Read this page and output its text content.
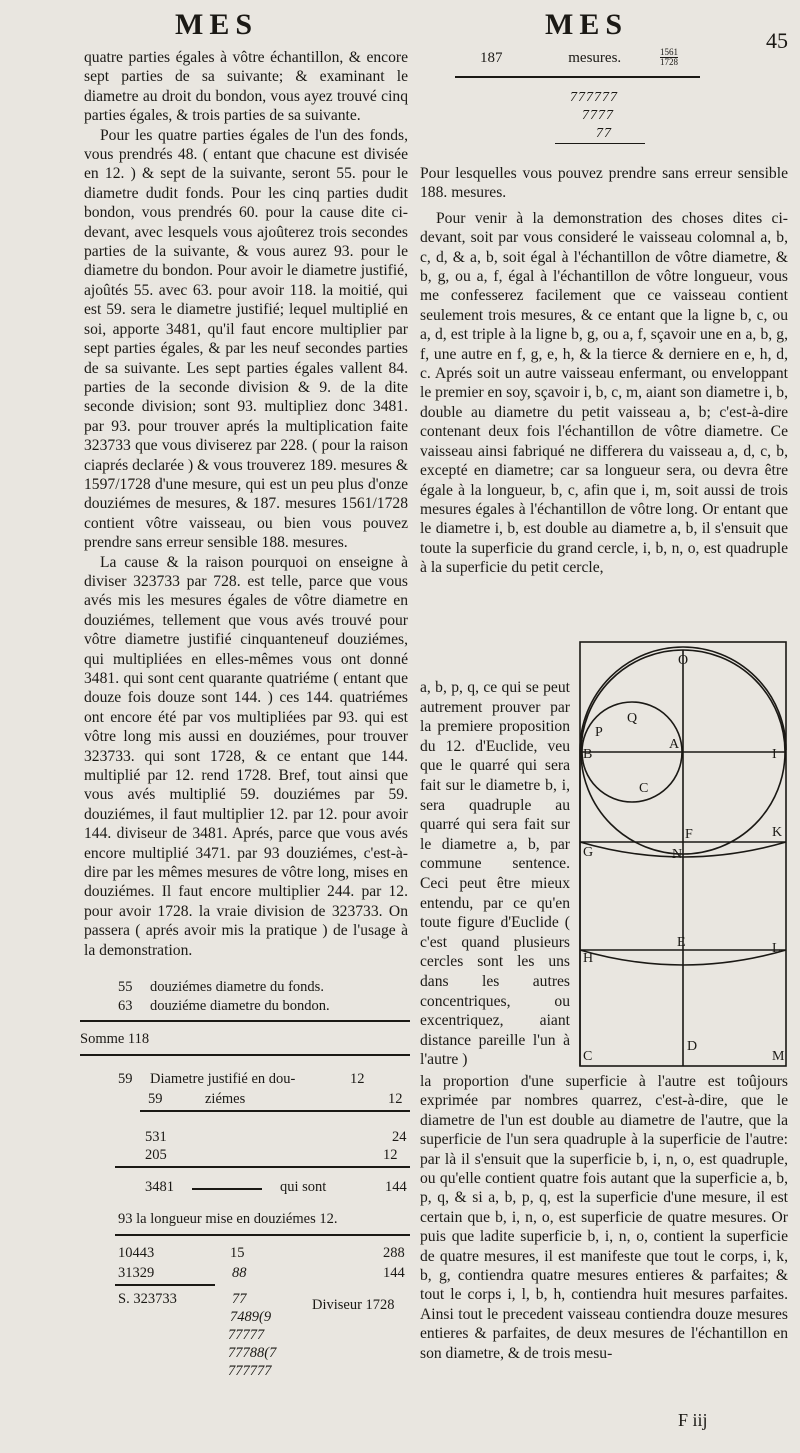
MES	MES	45
187	mesures.	$\frac{1561}{1728}$

quatre parties égales à vôtre échantillon, & encore sept parties de sa suivante; & examinant le diametre au droit du bondon, vous ayez trouvé cinq parties égales, & trois parties de sa suivante.

Pour les quatre parties égales de l'un des fonds, vous prendrés 48. ( entant que chacune est divisée en 12. ) & sept de la suivante, seront 55. pour le diametre dudit fonds. Pour les cinq parties dudit bondon, vous prendrés 60. pour la cause dite ci-devant, avec lesquels vous ajoûterez trois secondes parties de la suivante, & vous aurez 93. pour le diametre du bondon. Pour avoir le diametre justifié, ajoûtés 55. avec 63. pour avoir 118. la moitié, qui est 59. sera le diametre justifié; lequel multiplié en soi, apporte 3481, qu'il faut encore multiplier par sept parties égales, & par les neuf secondes parties de sa suivante. Les sept parties égales vallent 84. parties de la seconde division & 9. de la dite seconde division; sont 93. multipliez donc 3481. par 93. pour trouver aprés la multiplication faite 323733 que vous diviserez par 228. ( pour la raison ciaprés declarée ) & vous trouverez 189. mesures & 1597/1728 d'une mesure, qui est un peu plus d'onze douziémes de mesures, & 187. mesures 1561/1728 contient vôtre vaisseau, ou bien vous pouvez prendre sans erreur sensible 188. mesures.

La cause & la raison pourquoi on enseigne à diviser 323733 par 728. est telle, parce que vous avés mis les mesures égales de vôtre diametre en douziémes, tellement que vous avés trouvé pour vôtre diametre justifié cinquanteneuf douziémes, qui multipliées en elles-mêmes vous ont donné 3481. qui sont cent quarante quatriéme ( entant que douze fois douze sont 144. ) ces 144. quatriémes ont encore été par vos multipliées par 93. qui est vôtre long mis aussi en douziémes, pour trouver 323733. qui sont 1728, & ce entant que 144. multiplié par 12. rend 1728. Bref, tout ainsi que vous avés multiplié 59. douziémes par 59. douziémes, il faut multiplier 12. par 12. pour avoir 144. diviseur de 3481. Aprés, parce que vous avés encore multiplié 3471. par 93 douziémes, c'est-à-dire par les mêmes mesures de vôtre long, mises en douziémes. Il faut encore multiplier 244. par 12. pour avoir 1728. la vraie division de 323733. On passera ( aprés avoir mis la pratique ) de l'usage à la demonstration.

55 douziémes diametre du fonds.
63 douziéme diametre du bondon.
Somme 118
59 Diametre justifié en dou-	12
59	ziémes	12
531	24
205	12
3481	qui sont	144
93 la longueur mise en douziémes 12.
10443	15	288
31329	88	144
S. 323733	77	Diviseur 1728
7489(9
77777
77788(7
777777
777777
7777
77

Pour lesquelles vous pouvez prendre sans erreur sensible 188. mesures.

Pour venir à la demonstration des choses dites ci-devant, soit par vous consideré le vaisseau colomnal a, b, c, d, & a, b, soit égal à l'échantillon de vôtre diametre, & b, g, ou a, f, égal à l'échantillon de vôtre longueur, vous me confesserez facilement que ce vaisseau contient seulement trois mesures, & ce entant que la ligne b, c, ou a, d, est triple à la ligne b, g, ou a, f, sçavoir une en a, b, g, f, une autre en f, g, e, h, & la tierce & derniere en e, h, d, c. Aprés soit un autre vaisseau enfermant, ou enveloppant le premier en soy, sçavoir i, b, c, m, aiant son diametre i, b, double au diametre du petit vaisseau a, b; c'est-à-dire contenant deux fois l'échantillon de vôtre diametre. Ce vaisseau ainsi fabriqué ne differera du vaisseau a, d, c, b, excepté en diametre; car sa longueur sera, ou devra être égale à la longueur, b, c, afin que i, m, soit aussi de trois mesures égales à l'échantillon de vôtre long. Or entant que le diametre i, b, est double au diametre a, b, il s'ensuit que toute la superficie du grand cercle, i, b, n, o, est quadruple à la superficie du petit cercle,

a, b, p, q, ce qui se peut autrement prouver par la premiere proposition du 12. d'Euclide, veu que le quarré qui sera fait sur le diametre b, i, sera quadruple au quarré qui sera fait sur le diametre a, b, par commune sentence. Ceci peut être mieux entendu, par ce qu'en toute figure d'Euclide ( c'est quand plusieurs cercles sont les uns dans les autres concentriques, ou excentriquez, aiant distance pareille l'un à l'autre )

la proportion d'une superficie à l'autre est toûjours exprimée par nombres quarrez, c'est-à-dire, que le diametre de l'un est double au diametre de l'autre, que la superficie de l'un sera quadruple à la superficie de l'autre: par là il s'ensuit que la superficie b, i, n, o, est quadruple, ou qu'elle contient quatre fois autant que la superficie a, b, p, q, & si a, b, p, q, est la superficie d'une mesure, il est certain que b, i, n, o, est superficie de quatre mesures. Or puis que ladite superficie b, i, n, o, contient la superficie de quatre mesures, il est manifeste que tout le corps, i, k, b, g, contiendra quatre mesures entieres & parfaites; & tout le corps i, l, b, h, contiendra huit mesures parfaites. Ainsi tout le precedent vaisseau contiendra douze mesures entieres & parfaites, de deux mesures de l'échantillon en son diametre, & de trois mesu-

F iij
O
P
Q
A
B	I
C
N
G
F
E
K
H
L
D
C	M
